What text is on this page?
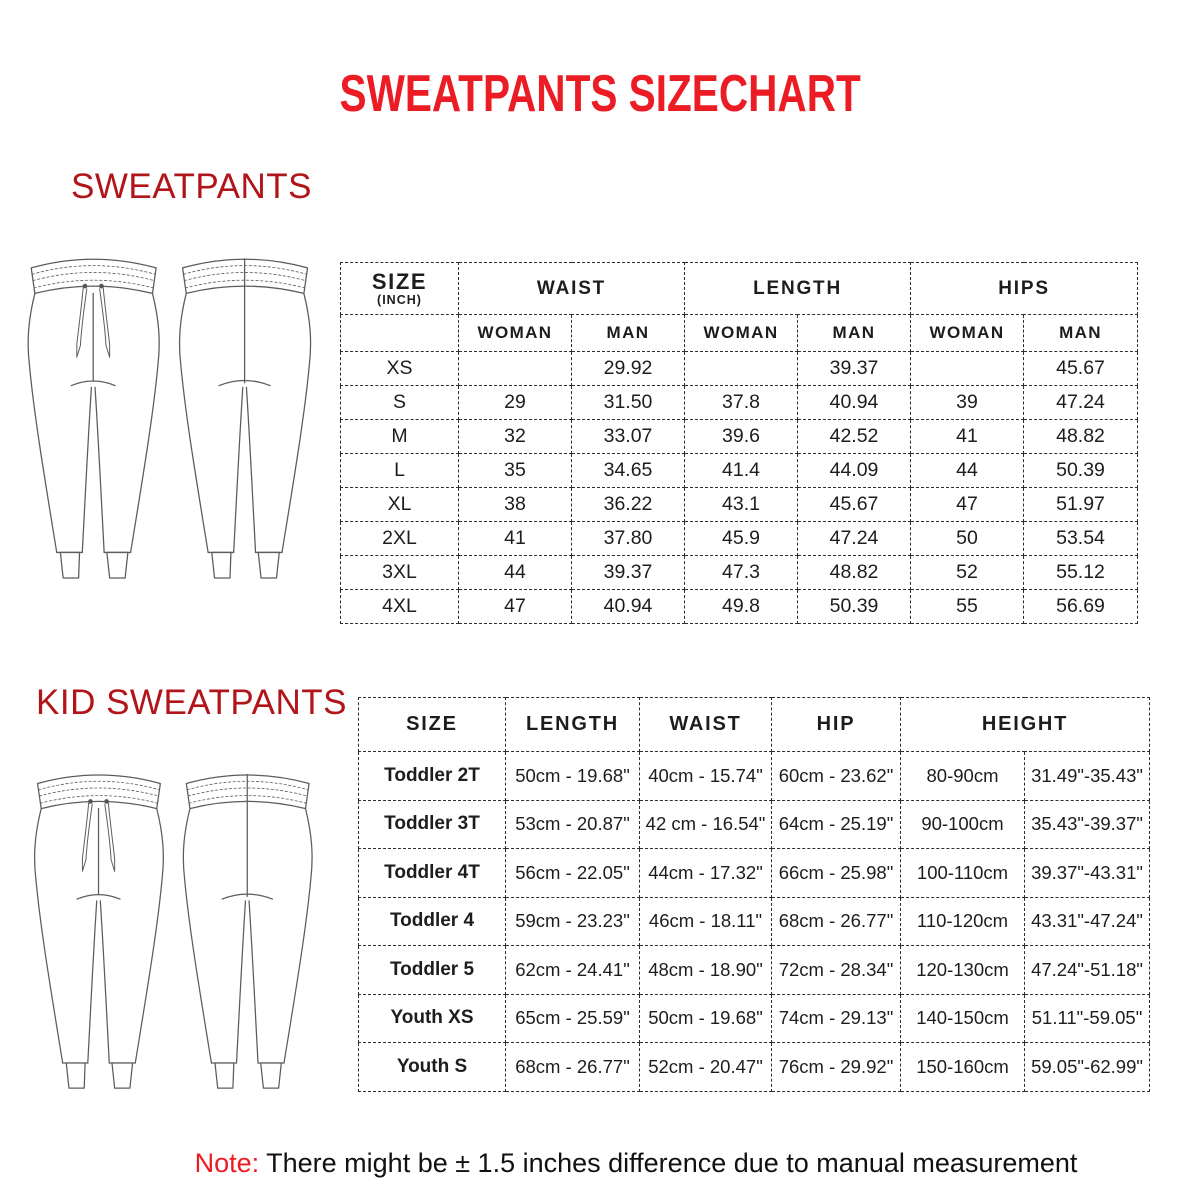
SWEATPANTS SIZECHART
SWEATPANTS
SIZE
(INCH)	WAIST		LENGTH		HIPS	
	WOMAN	MAN	WOMAN	MAN	WOMAN	MAN
XS		29.92		39.37		45.67
S	29	31.50	37.8	40.94	39	47.24
M	32	33.07	39.6	42.52	41	48.82
L	35	34.65	41.4	44.09	44	50.39
XL	38	36.22	43.1	45.67	47	51.97
2XL	41	37.80	45.9	47.24	50	53.54
3XL	44	39.37	47.3	48.82	52	55.12
4XL	47	40.94	49.8	50.39	55	56.69
KID SWEATPANTS
SIZE	LENGTH	WAIST	HIP	HEIGHT	
Toddler 2T	50cm - 19.68"	40cm - 15.74"	60cm - 23.62"	80-90cm	31.49"-35.43"
Toddler 3T	53cm - 20.87"	42 cm - 16.54"	64cm - 25.19"	90-100cm	35.43"-39.37"
Toddler 4T	56cm - 22.05"	44cm - 17.32"	66cm - 25.98"	100-110cm	39.37"-43.31"
Toddler 4	59cm - 23.23"	46cm - 18.11"	68cm - 26.77"	110-120cm	43.31"-47.24"
Toddler 5	62cm - 24.41"	48cm - 18.90"	72cm - 28.34"	120-130cm	47.24"-51.18"
Youth XS	65cm - 25.59"	50cm - 19.68"	74cm - 29.13"	140-150cm	51.11"-59.05"
Youth S	68cm - 26.77"	52cm - 20.47"	76cm - 29.92"	150-160cm	59.05"-62.99"
Note: There might be ± 1.5 inches difference due to manual measurement
